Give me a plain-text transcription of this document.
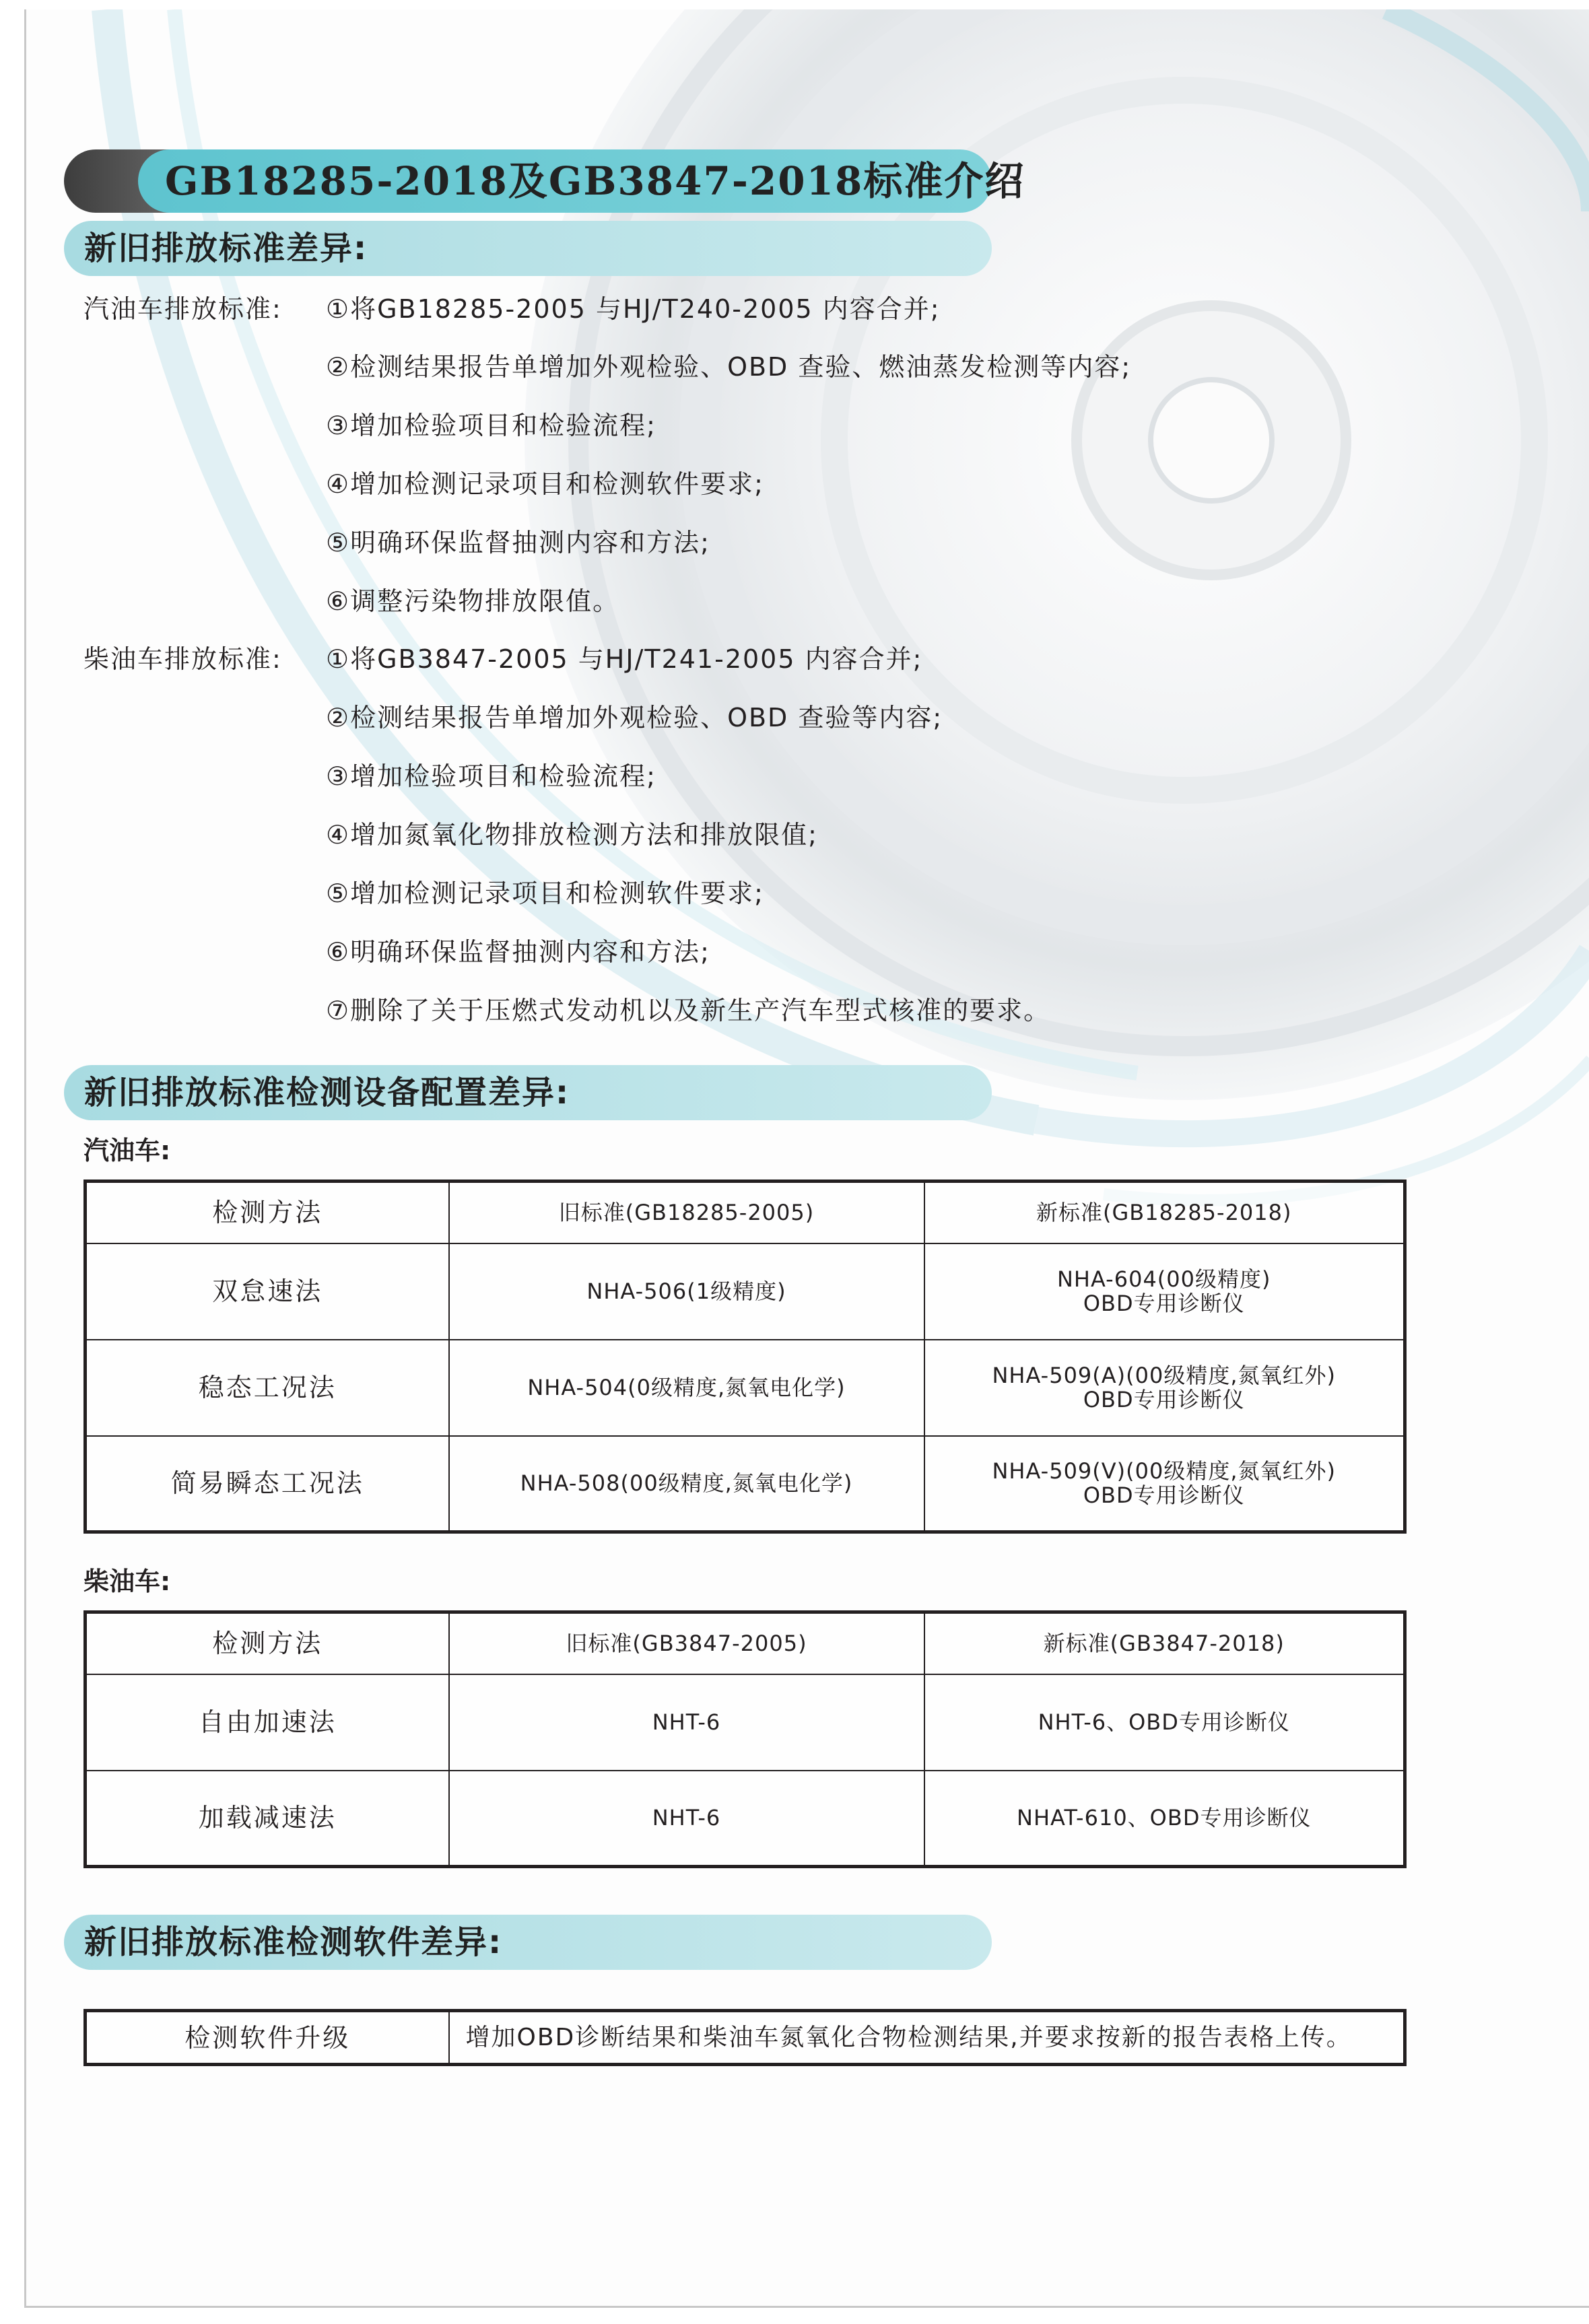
GB18285-2018及GB3847-2018标准介绍
新旧排放标准差异:
汽油车排放标准: ①将GB18285-2005 与HJ/T240-2005 内容合并;
②检测结果报告单增加外观检验、OBD 查验、燃油蒸发检测等内容;
③增加检验项目和检验流程;
④增加检测记录项目和检测软件要求;
⑤明确环保监督抽测内容和方法;
⑥调整污染物排放限值。
柴油车排放标准: ①将GB3847-2005 与HJ/T241-2005 内容合并;
②检测结果报告单增加外观检验、OBD 查验等内容;
③增加检验项目和检验流程;
④增加氮氧化物排放检测方法和排放限值;
⑤增加检测记录项目和检测软件要求;
⑥明确环保监督抽测内容和方法;
⑦删除了关于压燃式发动机以及新生产汽车型式核准的要求。
新旧排放标准检测设备配置差异:
汽油车:
检测方法	旧标准(GB18285-2005)	新标准(GB18285-2018)
双怠速法	NHA-506(1级精度)	NHA-604(00级精度)
OBD专用诊断仪

稳态工况法	NHA-504(0级精度,氮氧电化学)	NHA-509(A)(00级精度,氮氧红外)
OBD专用诊断仪

简易瞬态工况法	NHA-508(00级精度,氮氧电化学)	NHA-509(V)(00级精度,氮氧红外)
OBD专用诊断仪
柴油车:
检测方法	旧标准(GB3847-2005)	新标准(GB3847-2018)
自由加速法	NHT-6	NHT-6、OBD专用诊断仪
加载减速法	NHT-6	NHAT-610、OBD专用诊断仪
新旧排放标准检测软件差异:
检测软件升级	增加OBD诊断结果和柴油车氮氧化合物检测结果,并要求按新的报告表格上传。
